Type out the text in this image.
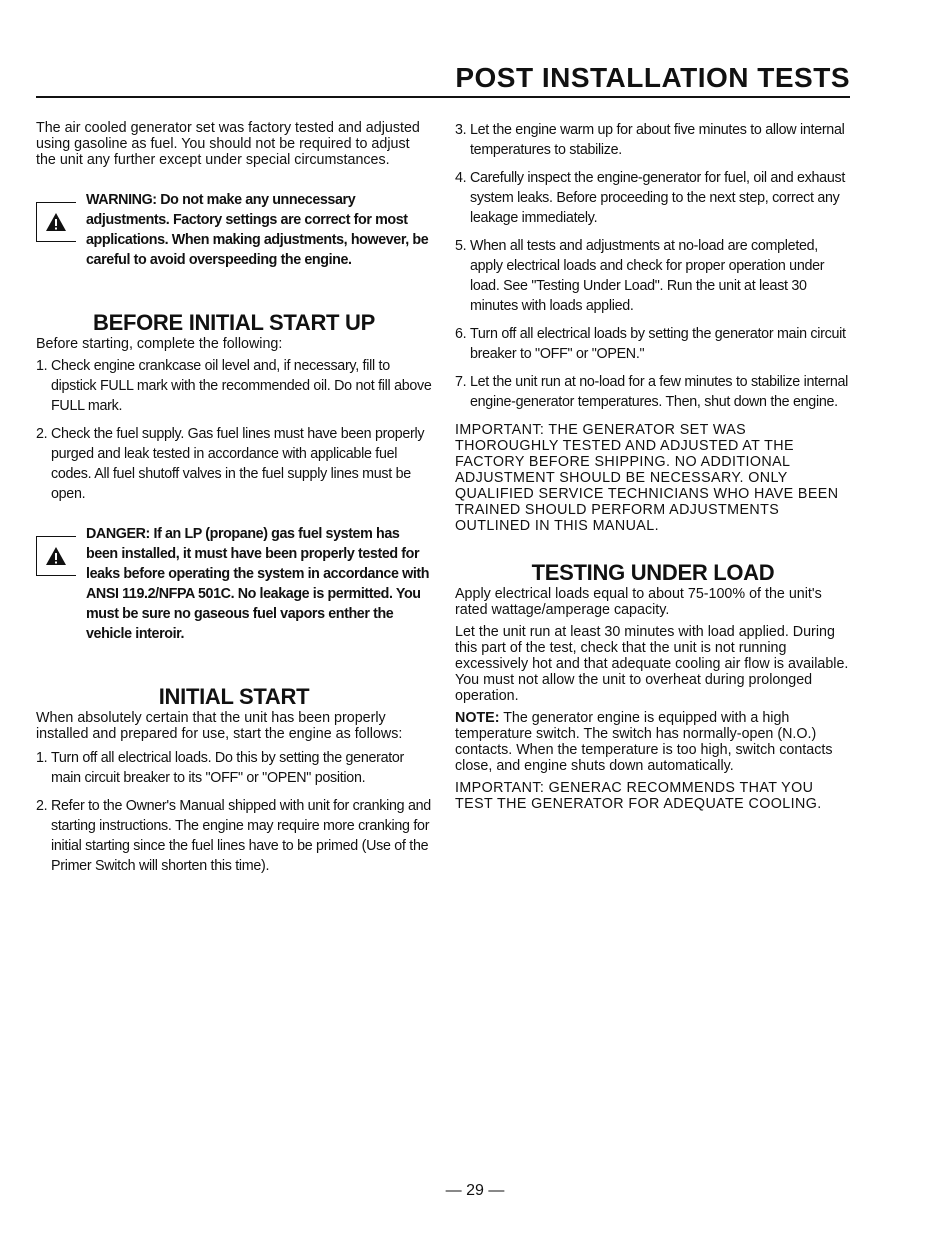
POST INSTALLATION TESTS

The air cooled generator set was factory tested and adjusted using gasoline as fuel. You should not be required to adjust the unit any further except under special circumstances.

WARNING: Do not make any unnecessary adjustments. Factory settings are correct for most applications. When making adjustments, however, be careful to avoid overspeeding the engine.

BEFORE INITIAL START UP

Before starting, complete the following:

1. Check engine crankcase oil level and, if necessary, fill to dipstick FULL mark with the recommended oil. Do not fill above FULL mark.
2. Check the fuel supply. Gas fuel lines must have been properly purged and leak tested in accordance with applicable fuel codes. All fuel shutoff valves in the fuel supply lines must be open.

DANGER: If an LP (propane) gas fuel system has been installed, it must have been properly tested for leaks before operating the system in accordance with ANSI 119.2/NFPA 501C. No leakage is permitted. You must be sure no gaseous fuel vapors enther the vehicle interoir.

INITIAL START

When absolutely certain that the unit has been properly installed and prepared for use, start the engine as follows:

1. Turn off all electrical loads. Do this by setting the generator main circuit breaker to its "OFF" or "OPEN" position.
2. Refer to the Owner's Manual shipped with unit for cranking and starting instructions. The engine may require more cranking for initial starting since the fuel lines have to be primed (Use of the Primer Switch will shorten this time).
3. Let the engine warm up for about five minutes to allow internal temperatures to stabilize.
4. Carefully inspect the engine-generator for fuel, oil and exhaust system leaks. Before proceeding to the next step, correct any leakage immediately.
5. When all tests and adjustments at no-load are completed, apply electrical loads and check for proper operation under load. See "Testing Under Load". Run the unit at least 30 minutes with loads applied.
6. Turn off all electrical loads by setting the generator main circuit breaker to "OFF" or "OPEN."
7. Let the unit run at no-load for a few minutes to stabilize internal engine-generator temperatures. Then, shut down the engine.

IMPORTANT: THE GENERATOR SET WAS THOROUGHLY TESTED AND ADJUSTED AT THE FACTORY BEFORE SHIPPING. NO ADDITIONAL ADJUSTMENT SHOULD BE NECESSARY. ONLY QUALIFIED SERVICE TECHNICIANS WHO HAVE BEEN TRAINED SHOULD PERFORM ADJUSTMENTS OUTLINED IN THIS MANUAL.

TESTING UNDER LOAD

Apply electrical loads equal to about 75-100% of the unit's rated wattage/amperage capacity.

Let the unit run at least 30 minutes with load applied. During this part of the test, check that the unit is not running excessively hot and that adequate cooling air flow is available. You must not allow the unit to overheat during prolonged operation.

NOTE: The generator engine is equipped with a high temperature switch. The switch has normally-open (N.O.) contacts. When the temperature is too high, switch contacts close, and engine shuts down automatically.

IMPORTANT: GENERAC RECOMMENDS THAT YOU TEST THE GENERATOR FOR ADEQUATE COOLING.

— 29 —
